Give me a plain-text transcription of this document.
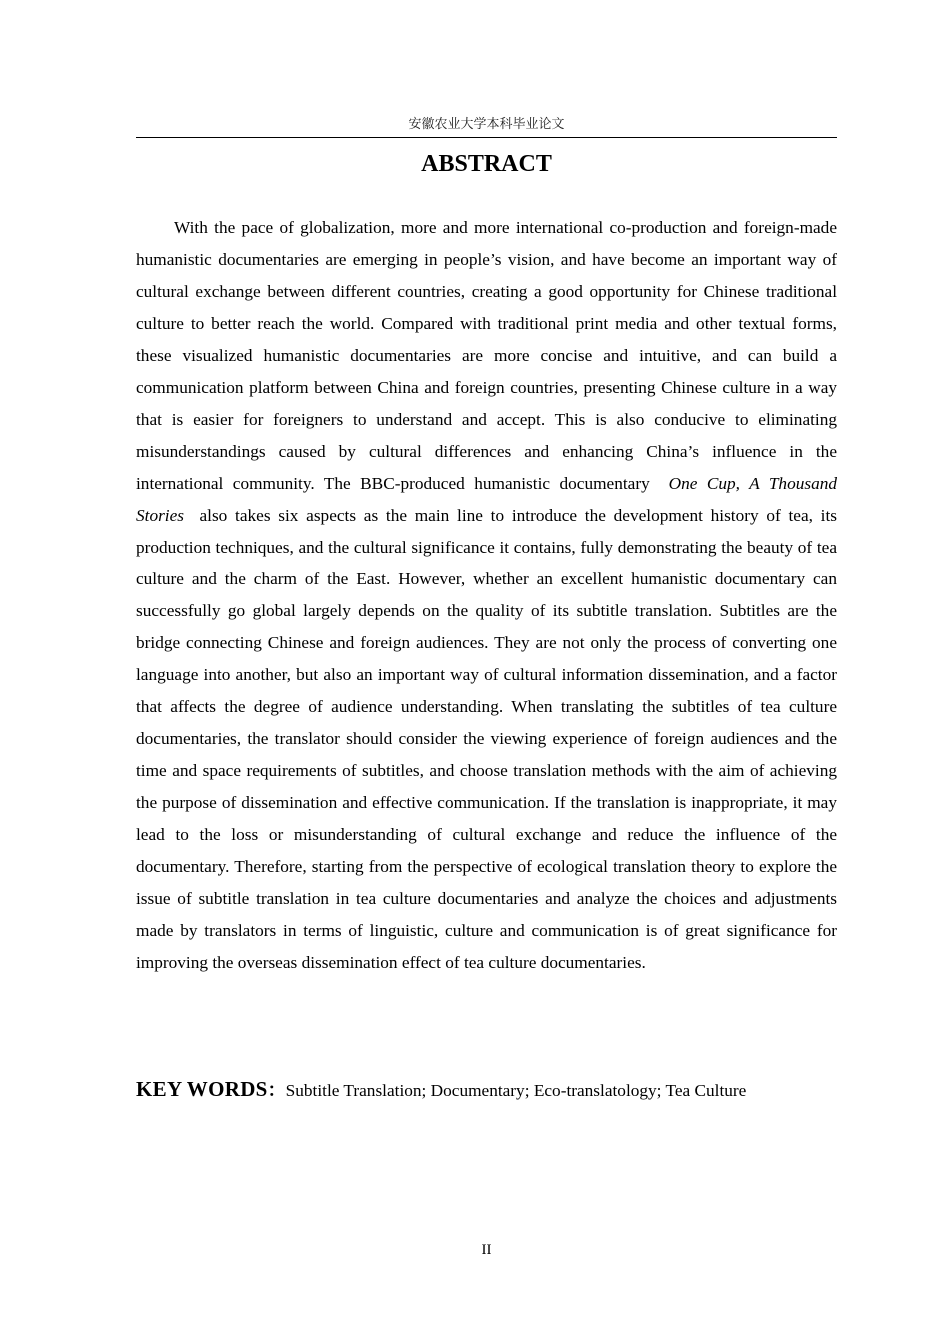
安徽农业大学本科毕业论文
ABSTRACT

With the pace of globalization, more and more international co-production and foreign-made humanistic documentaries are emerging in people’s vision, and have become an important way of cultural exchange between different countries, creating a good opportunity for Chinese traditional culture to better reach the world. Compared with traditional print media and other textual forms, these visualized humanistic documentaries are more concise and intuitive, and can build a communication platform between China and foreign countries, presenting Chinese culture in a way that is easier for foreigners to understand and accept. This is also conducive to eliminating misunderstandings caused by cultural differences and enhancing China’s influence in the international community. The BBC-produced humanistic documentary One Cup, A Thousand Stories also takes six aspects as the main line to introduce the development history of tea, its production techniques, and the cultural significance it contains, fully demonstrating the beauty of tea culture and the charm of the East. However, whether an excellent humanistic documentary can successfully go global largely depends on the quality of its subtitle translation. Subtitles are the bridge connecting Chinese and foreign audiences. They are not only the process of converting one language into another, but also an important way of cultural information dissemination, and a factor that affects the degree of audience understanding. When translating the subtitles of tea culture documentaries, the translator should consider the viewing experience of foreign audiences and the time and space requirements of subtitles, and choose translation methods with the aim of achieving the purpose of dissemination and effective communication. If the translation is inappropriate, it may lead to the loss or misunderstanding of cultural exchange and reduce the influence of the documentary. Therefore, starting from the perspective of ecological translation theory to explore the issue of subtitle translation in tea culture documentaries and analyze the choices and adjustments made by translators in terms of linguistic, culture and communication is of great significance for improving the overseas dissemination effect of tea culture documentaries.

KEY WORDS：Subtitle Translation; Documentary; Eco-translatology; Tea Culture
II
